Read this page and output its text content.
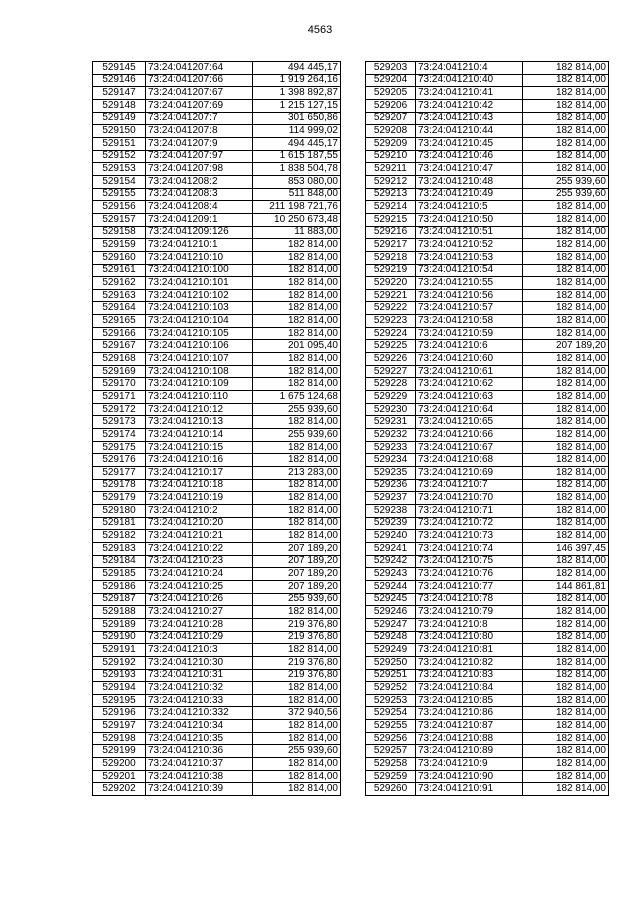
4563
529145	73:24:041207:64	494 445,17
529146	73:24:041207:66	1 919 264,16
529147	73:24:041207:67	1 398 892,87
529148	73:24:041207:69	1 215 127,15
529149	73:24:041207:7	301 650,86
529150	73:24:041207:8	114 999,02
529151	73:24:041207:9	494 445,17
529152	73:24:041207:97	1 615 187,55
529153	73:24:041207:98	1 838 504,78
529154	73:24:041208:2	853 080,00
529155	73:24:041208:3	511 848,00
529156	73:24:041208:4	211 198 721,76
529157	73:24:041209:1	10 250 673,48
529158	73:24:041209:126	11 883,00
529159	73:24:041210:1	182 814,00
529160	73:24:041210:10	182 814,00
529161	73:24:041210:100	182 814,00
529162	73:24:041210:101	182 814,00
529163	73:24:041210:102	182 814,00
529164	73:24:041210:103	182 814,00
529165	73:24:041210:104	182 814,00
529166	73:24:041210:105	182 814,00
529167	73:24:041210:106	201 095,40
529168	73:24:041210:107	182 814,00
529169	73:24:041210:108	182 814,00
529170	73:24:041210:109	182 814,00
529171	73:24:041210:110	1 675 124,68
529172	73:24:041210:12	255 939,60
529173	73:24:041210:13	182 814,00
529174	73:24:041210:14	255 939,60
529175	73:24:041210:15	182 814,00
529176	73:24:041210:16	182 814,00
529177	73:24:041210:17	213 283,00
529178	73:24:041210:18	182 814,00
529179	73:24:041210:19	182 814,00
529180	73:24:041210:2	182 814,00
529181	73:24:041210:20	182 814,00
529182	73:24:041210:21	182 814,00
529183	73:24:041210:22	207 189,20
529184	73:24:041210:23	207 189,20
529185	73:24:041210:24	207 189,20
529186	73:24:041210:25	207 189,20
529187	73:24:041210:26	255 939,60
529188	73:24:041210:27	182 814,00
529189	73:24:041210:28	219 376,80
529190	73:24:041210:29	219 376,80
529191	73:24:041210:3	182 814,00
529192	73:24:041210:30	219 376,80
529193	73:24:041210:31	219 376,80
529194	73:24:041210:32	182 814,00
529195	73:24:041210:33	182 814,00
529196	73:24:041210:332	372 940,56
529197	73:24:041210:34	182 814,00
529198	73:24:041210:35	182 814,00
529199	73:24:041210:36	255 939,60
529200	73:24:041210:37	182 814,00
529201	73:24:041210:38	182 814,00
529202	73:24:041210:39	182 814,00
529203	73:24:041210:4	182 814,00
529204	73:24:041210:40	182 814,00
529205	73:24:041210:41	182 814,00
529206	73:24:041210:42	182 814,00
529207	73:24:041210:43	182 814,00
529208	73:24:041210:44	182 814,00
529209	73:24:041210:45	182 814,00
529210	73:24:041210:46	182 814,00
529211	73:24:041210:47	182 814,00
529212	73:24:041210:48	255 939,60
529213	73:24:041210:49	255 939,60
529214	73:24:041210:5	182 814,00
529215	73:24:041210:50	182 814,00
529216	73:24:041210:51	182 814,00
529217	73:24:041210:52	182 814,00
529218	73:24:041210:53	182 814,00
529219	73:24:041210:54	182 814,00
529220	73:24:041210:55	182 814,00
529221	73:24:041210:56	182 814,00
529222	73:24:041210:57	182 814,00
529223	73:24:041210:58	182 814,00
529224	73:24:041210:59	182 814,00
529225	73:24:041210:6	207 189,20
529226	73:24:041210:60	182 814,00
529227	73:24:041210:61	182 814,00
529228	73:24:041210:62	182 814,00
529229	73:24:041210:63	182 814,00
529230	73:24:041210:64	182 814,00
529231	73:24:041210:65	182 814,00
529232	73:24:041210:66	182 814,00
529233	73:24:041210:67	182 814,00
529234	73:24:041210:68	182 814,00
529235	73:24:041210:69	182 814,00
529236	73:24:041210:7	182 814,00
529237	73:24:041210:70	182 814,00
529238	73:24:041210:71	182 814,00
529239	73:24:041210:72	182 814,00
529240	73:24:041210:73	182 814,00
529241	73:24:041210:74	146 397,45
529242	73:24:041210:75	182 814,00
529243	73:24:041210:76	182 814,00
529244	73:24:041210:77	144 861,81
529245	73:24:041210:78	182 814,00
529246	73:24:041210:79	182 814,00
529247	73:24:041210:8	182 814,00
529248	73:24:041210:80	182 814,00
529249	73:24:041210:81	182 814,00
529250	73:24:041210:82	182 814,00
529251	73:24:041210:83	182 814,00
529252	73:24:041210:84	182 814,00
529253	73:24:041210:85	182 814,00
529254	73:24:041210:86	182 814,00
529255	73:24:041210:87	182 814,00
529256	73:24:041210:88	182 814,00
529257	73:24:041210:89	182 814,00
529258	73:24:041210:9	182 814,00
529259	73:24:041210:90	182 814,00
529260	73:24:041210:91	182 814,00
